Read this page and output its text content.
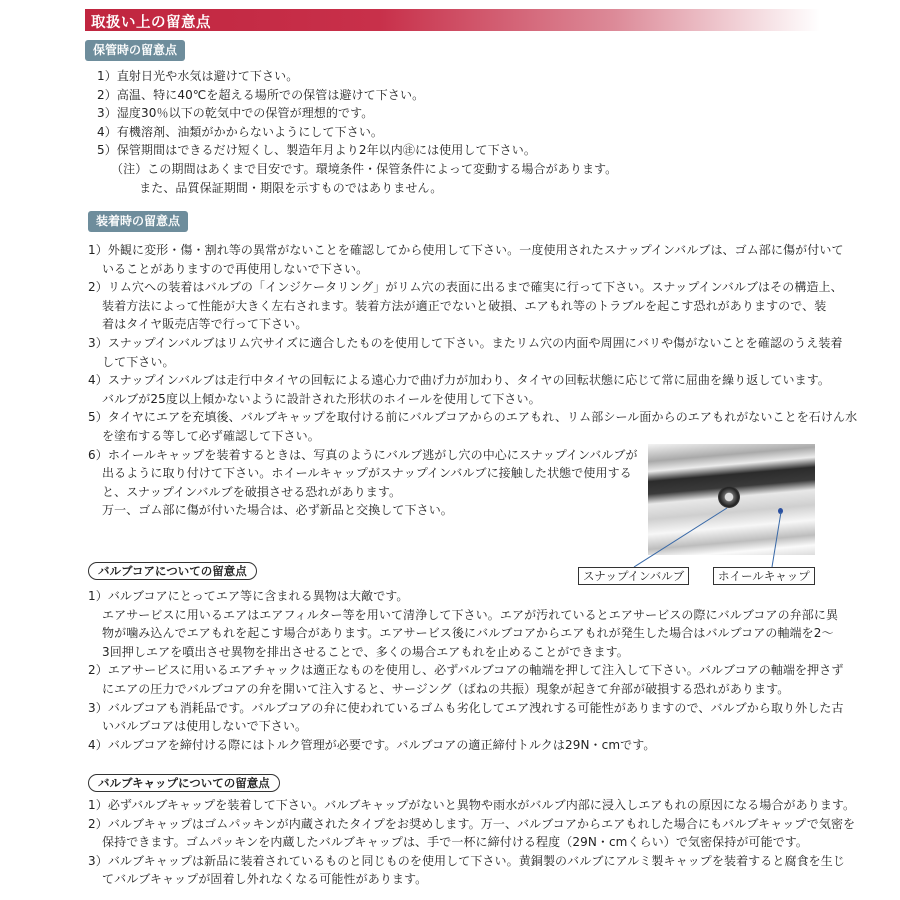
取扱い上の留意点
保管時の留意点
1）直射日光や水気は避けて下さい。
2）高温、特に40℃を超える場所での保管は避けて下さい。
3）湿度30％以下の乾気中での保管が理想的です。
4）有機溶剤、油類がかからないようにして下さい。
5）保管期間はできるだけ短くし、製造年月より2年以内㊟には使用して下さい。
（注）この期間はあくまで目安です。環境条件・保管条件によって変動する場合があります。
　　 また、品質保証期間・期限を示すものではありません。
装着時の留意点
1）外観に変形・傷・割れ等の異常がないことを確認してから使用して下さい。一度使用されたスナップインバルブは、ゴム部に傷が付いて
いることがありますので再使用しないで下さい。
2）リム穴への装着はバルブの「インジケータリング」がリム穴の表面に出るまで確実に行って下さい。スナップインバルブはその構造上、
装着方法によって性能が大きく左右されます。装着方法が適正でないと破損、エアもれ等のトラブルを起こす恐れがありますので、装
着はタイヤ販売店等で行って下さい。
3）スナップインバルブはリム穴サイズに適合したものを使用して下さい。またリム穴の内面や周囲にバリや傷がないことを確認のうえ装着
して下さい。
4）スナップインバルブは走行中タイヤの回転による遠心力で曲げ力が加わり、タイヤの回転状態に応じて常に屈曲を繰り返しています。
バルブが25度以上傾かないように設計された形状のホイールを使用して下さい。
5）タイヤにエアを充填後、バルブキャップを取付ける前にバルブコアからのエアもれ、リム部シール面からのエアもれがないことを石けん水
を塗布する等して必ず確認して下さい。
6）ホイールキャップを装着するときは、写真のようにバルブ逃がし穴の中心にスナップインバルブが
出るように取り付けて下さい。ホイールキャップがスナップインバルブに接触した状態で使用する
と、スナップインバルブを破損させる恐れがあります。
万一、ゴム部に傷が付いた場合は、必ず新品と交換して下さい。
スナップインバルブ	ホイールキャップ
バルブコアについての留意点
1）バルブコアにとってエア等に含まれる異物は大敵です。
エアサービスに用いるエアはエアフィルター等を用いて清浄して下さい。エアが汚れているとエアサービスの際にバルブコアの弁部に異
物が噛み込んでエアもれを起こす場合があります。エアサービス後にバルブコアからエアもれが発生した場合はバルブコアの軸端を2～
3回押しエアを噴出させ異物を排出させることで、多くの場合エアもれを止めることができます。
2）エアサービスに用いるエアチャックは適正なものを使用し、必ずバルブコアの軸端を押して注入して下さい。バルブコアの軸端を押さず
にエアの圧力でバルブコアの弁を開いて注入すると、サージング（ばねの共振）現象が起きて弁部が破損する恐れがあります。
3）バルブコアも消耗品です。バルブコアの弁に使われているゴムも劣化してエア洩れする可能性がありますので、バルブから取り外した古
いバルブコアは使用しないで下さい。
4）バルブコアを締付ける際にはトルク管理が必要です。バルブコアの適正締付トルクは29N・cmです。
バルブキャップについての留意点
1）必ずバルブキャップを装着して下さい。バルブキャップがないと異物や雨水がバルブ内部に浸入しエアもれの原因になる場合があります。
2）バルブキャップはゴムパッキンが内蔵されたタイプをお奨めします。万一、バルブコアからエアもれした場合にもバルブキャップで気密を
保持できます。ゴムパッキンを内蔵したバルブキャップは、手で一杯に締付ける程度（29N・cmくらい）で気密保持が可能です。
3）バルブキャップは新品に装着されているものと同じものを使用して下さい。黄銅製のバルブにアルミ製キャップを装着すると腐食を生じ
てバルブキャップが固着し外れなくなる可能性があります。
